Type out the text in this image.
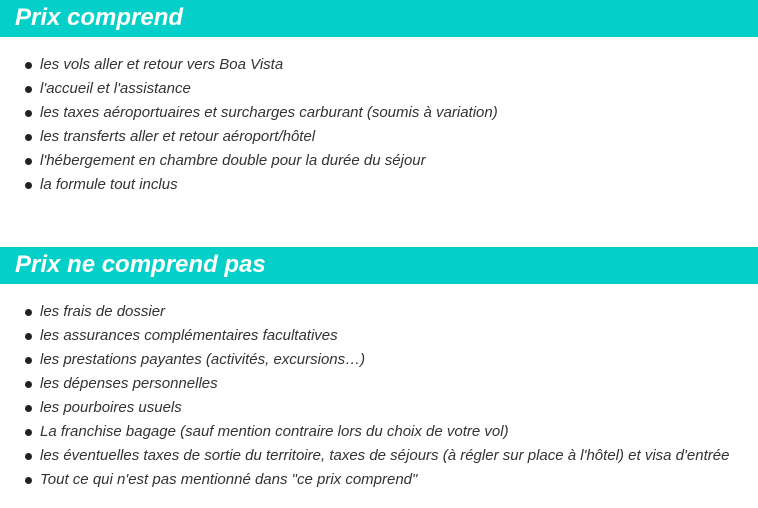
Prix comprend
les vols aller et retour vers Boa Vista
l'accueil et l'assistance
les taxes aéroportuaires et surcharges carburant (soumis à variation)
les transferts aller et retour aéroport/hôtel
l'hébergement en chambre double pour la durée du séjour
la formule tout inclus
Prix ne comprend pas
les frais de dossier
les assurances complémentaires facultatives
les prestations payantes (activités, excursions…)
les dépenses personnelles
les pourboires usuels
La franchise bagage (sauf mention contraire lors du choix de votre vol)
les éventuelles taxes de sortie du territoire, taxes de séjours (à régler sur place à l'hôtel) et visa d'entrée
Tout ce qui n'est pas mentionné dans "ce prix comprend"
